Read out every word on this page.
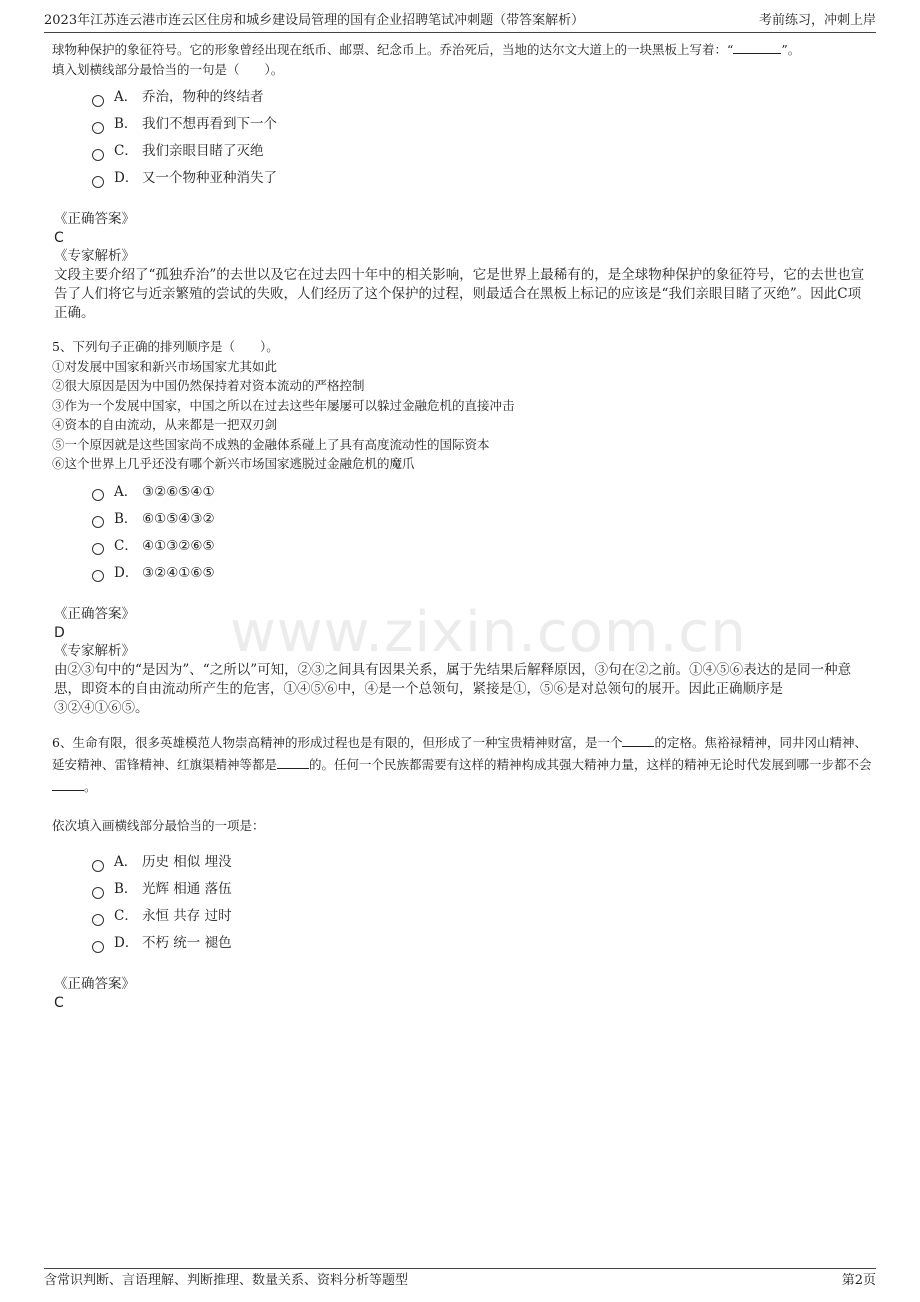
2023年江苏连云港市连云区住房和城乡建设局管理的国有企业招聘笔试冲刺题（带答案解析）	考前练习，冲刺上岸
www.zixin.com.cn

球物种保护的象征符号。它的形象曾经出现在纸币、邮票、纪念币上。乔治死后，当地的达尔文大道上的一块黑板上写着：“	”。

填入划横线部分最恰当的一句是（　　）。

A． 乔治，物种的终结者
B． 我们不想再看到下一个
C． 我们亲眼目睹了灭绝
D． 又一个物种亚种消失了
《正确答案》
C
《专家解析》
文段主要介绍了“孤独乔治”的去世以及它在过去四十年中的相关影响，它是世界上最稀有的，是全球物种保护的象征符号，它的去世也宣告了人们将它与近亲繁殖的尝试的失败，人们经历了这个保护的过程，则最适合在黑板上标记的应该是“我们亲眼目睹了灭绝”。因此C项正确。

5、下列句子正确的排列顺序是（　　）。

①对发展中国家和新兴市场国家尤其如此

②很大原因是因为中国仍然保持着对资本流动的严格控制

③作为一个发展中国家，中国之所以在过去这些年屡屡可以躲过金融危机的直接冲击

④资本的自由流动，从来都是一把双刃剑

⑤一个原因就是这些国家尚不成熟的金融体系碰上了具有高度流动性的国际资本

⑥这个世界上几乎还没有哪个新兴市场国家逃脱过金融危机的魔爪

A． ③②⑥⑤④①
B． ⑥①⑤④③②
C． ④①③②⑥⑤
D． ③②④①⑥⑤
《正确答案》
D
《专家解析》
由②③句中的“是因为”、“之所以”可知，②③之间具有因果关系，属于先结果后解释原因，③句在②之前。①④⑤⑥表达的是同一种意思，即资本的自由流动所产生的危害，①④⑤⑥中，④是一个总领句，紧接是①，⑤⑥是对总领句的展开。因此正确顺序是③②④①⑥⑤。

6、生命有限，很多英雄模范人物崇高精神的形成过程也是有限的，但形成了一种宝贵精神财富，是一个	的定格。焦裕禄精神，同井冈山精神、延安精神、雷锋精神、红旗渠精神等都是	的。任何一个民族都需要有这样的精神构成其强大精神力量，这样的精神无论时代发展到哪一步都不会。

依次填入画横线部分最恰当的一项是：

A． 历史 相似 埋没
B． 光辉 相通 落伍
C． 永恒 共存 过时
D． 不朽 统一 褪色
《正确答案》
C
含常识判断、言语理解、判断推理、数量关系、资料分析等题型	第2页
